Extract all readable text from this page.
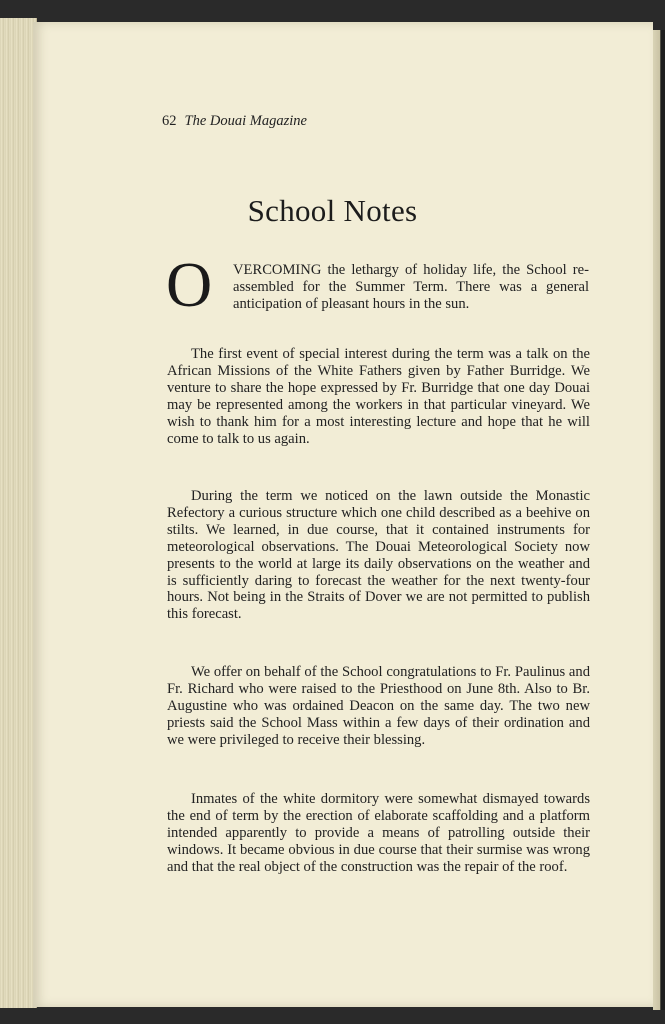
62 The Douai Magazine
School Notes
O VERCOMING the lethargy of holiday life, the School re-assembled for the Summer Term. There was a general anticipation of pleasant hours in the sun.

The first event of special interest during the term was a talk on the African Missions of the White Fathers given by Father Burridge. We venture to share the hope expressed by Fr. Burridge that one day Douai may be represented among the workers in that particular vineyard. We wish to thank him for a most interesting lecture and hope that he will come to talk to us again.

During the term we noticed on the lawn outside the Monastic Refectory a curious structure which one child described as a beehive on stilts. We learned, in due course, that it contained instruments for meteorological observations. The Douai Meteorological Society now presents to the world at large its daily observations on the weather and is sufficiently daring to forecast the weather for the next twenty-four hours. Not being in the Straits of Dover we are not permitted to publish this forecast.

We offer on behalf of the School congratulations to Fr. Paulinus and Fr. Richard who were raised to the Priesthood on June 8th. Also to Br. Augustine who was ordained Deacon on the same day. The two new priests said the School Mass within a few days of their ordination and we were privileged to receive their blessing.

Inmates of the white dormitory were somewhat dismayed towards the end of term by the erection of elaborate scaffolding and a platform intended apparently to provide a means of patrolling outside their windows. It became obvious in due course that their surmise was wrong and that the real object of the construction was the repair of the roof.
